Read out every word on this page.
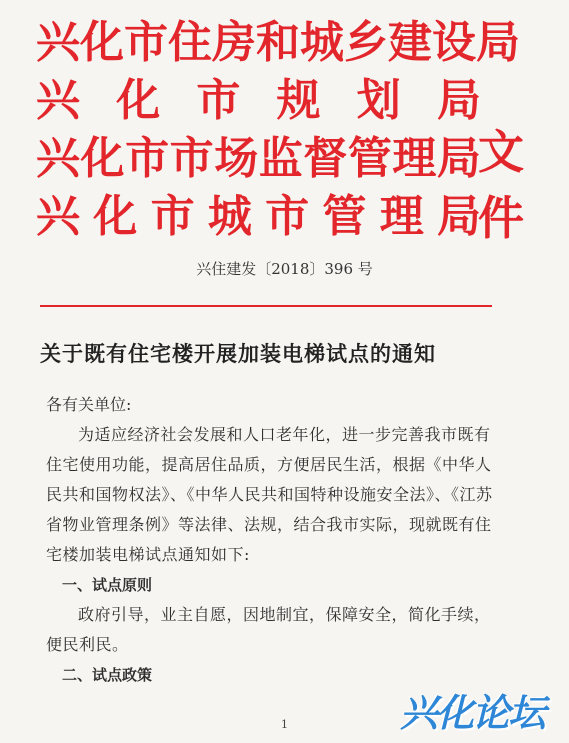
兴 化 市 住 房 和 城 乡 建 设 局
兴 化 市 规 划 局
兴 化 市 市 场 监 督 管 理 局
兴 化 市 城 市 管 理 局
文件
兴住建发〔2018〕396 号
关于既有住宅楼开展加装电梯试点的通知

各有关单位:

为适应经济社会发展和人口老年化，进一步完善我市既有住宅使用功能，提高居住品质，方便居民生活，根据《中华人民共和国物权法》、《中华人民共和国特种设施安全法》、《江苏省物业管理条例》等法律、法规，结合我市实际，现就既有住宅楼加装电梯试点通知如下:

一、试点原则

政府引导，业主自愿，因地制宜，保障安全，简化手续，便民利民。

二、试点政策

1	兴化论坛
